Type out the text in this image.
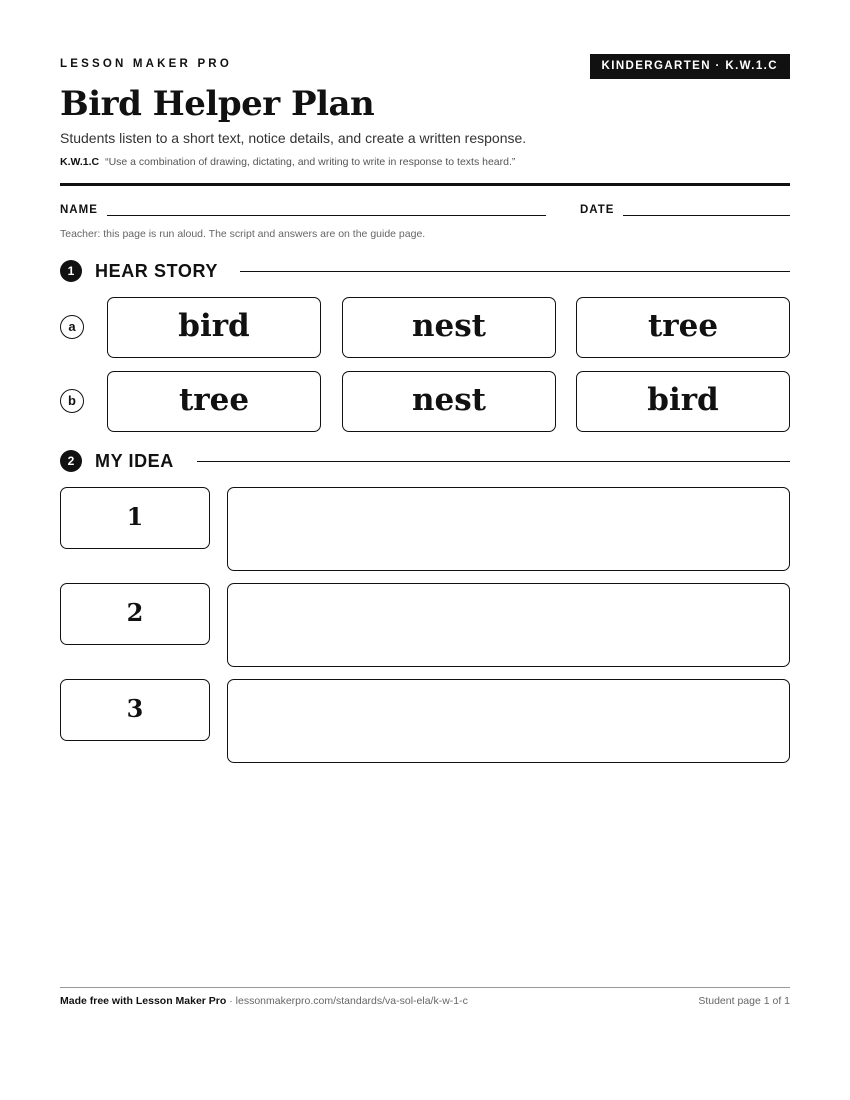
LESSON MAKER PRO	KINDERGARTEN · K.W.1.C
Bird Helper Plan
Students listen to a short text, notice details, and create a written response.
K.W.1.C “Use a combination of drawing, dictating, and writing to write in response to texts heard.”
NAME	DATE
Teacher: this page is run aloud. The script and answers are on the guide page.
1	HEAR STORY
a	bird	nest	tree
b	tree	nest	bird
2	MY IDEA
1
2
3
Made free with Lesson Maker Pro · lessonmakerpro.com/standards/va-sol-ela/k-w-1-c	Student page 1 of 1
